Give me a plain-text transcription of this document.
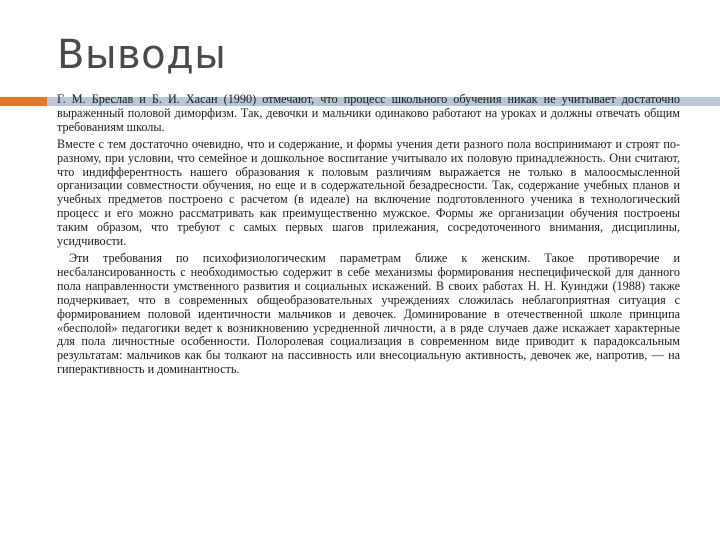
Выводы

Г. М. Бреслав и Б. И. Хасан (1990) отмечают, что процесс школьного обучения никак не учитывает достаточно выраженный половой диморфизм. Так, девочки и мальчики одинаково работают на уроках и должны отвечать общим требованиям школы.

Вместе с тем достаточно очевидно, что и содержание, и формы учения дети разного пола воспринимают и строят по-разному, при условии, что семейное и дошкольное воспитание учитывало их половую принадлежность. Они считают, что индифферентность нашего образования к половым различиям выражается не только в малоосмысленной организации совместности обучения, но еще и в содержательной безадресности. Так, содержание учебных планов и учебных предметов построено с расчетом (в идеале) на включение подготовленного ученика в технологический процесс и его можно рассматривать как преимущественно мужское. Формы же организации обучения построены таким образом, что требуют с самых первых шагов прилежания, сосредоточенного внимания, дисциплины, усидчивости.

Эти требования по психофизиологическим параметрам ближе к женским. Такое противоречие и несбалансированность с необходимостью содержит в себе механизмы формирования неспецифической для данного пола направленности умственного развития и социальных искажений. В своих работах Н. Н. Куинджи (1988) также подчеркивает, что в современных общеобразовательных учреждениях сложилась неблагоприятная ситуация с формированием половой идентичности мальчиков и девочек. Доминирование в отечественной школе принципа «бесполой» педагогики ведет к возникновению усредненной личности, а в ряде случаев даже искажает характерные для пола личностные особенности. Полоролевая социализация в современном виде приводит к парадоксальным результатам: мальчиков как бы толкают на пассивность или внесоциальную активность, девочек же, напротив, — на гиперактивность и доминантность.
